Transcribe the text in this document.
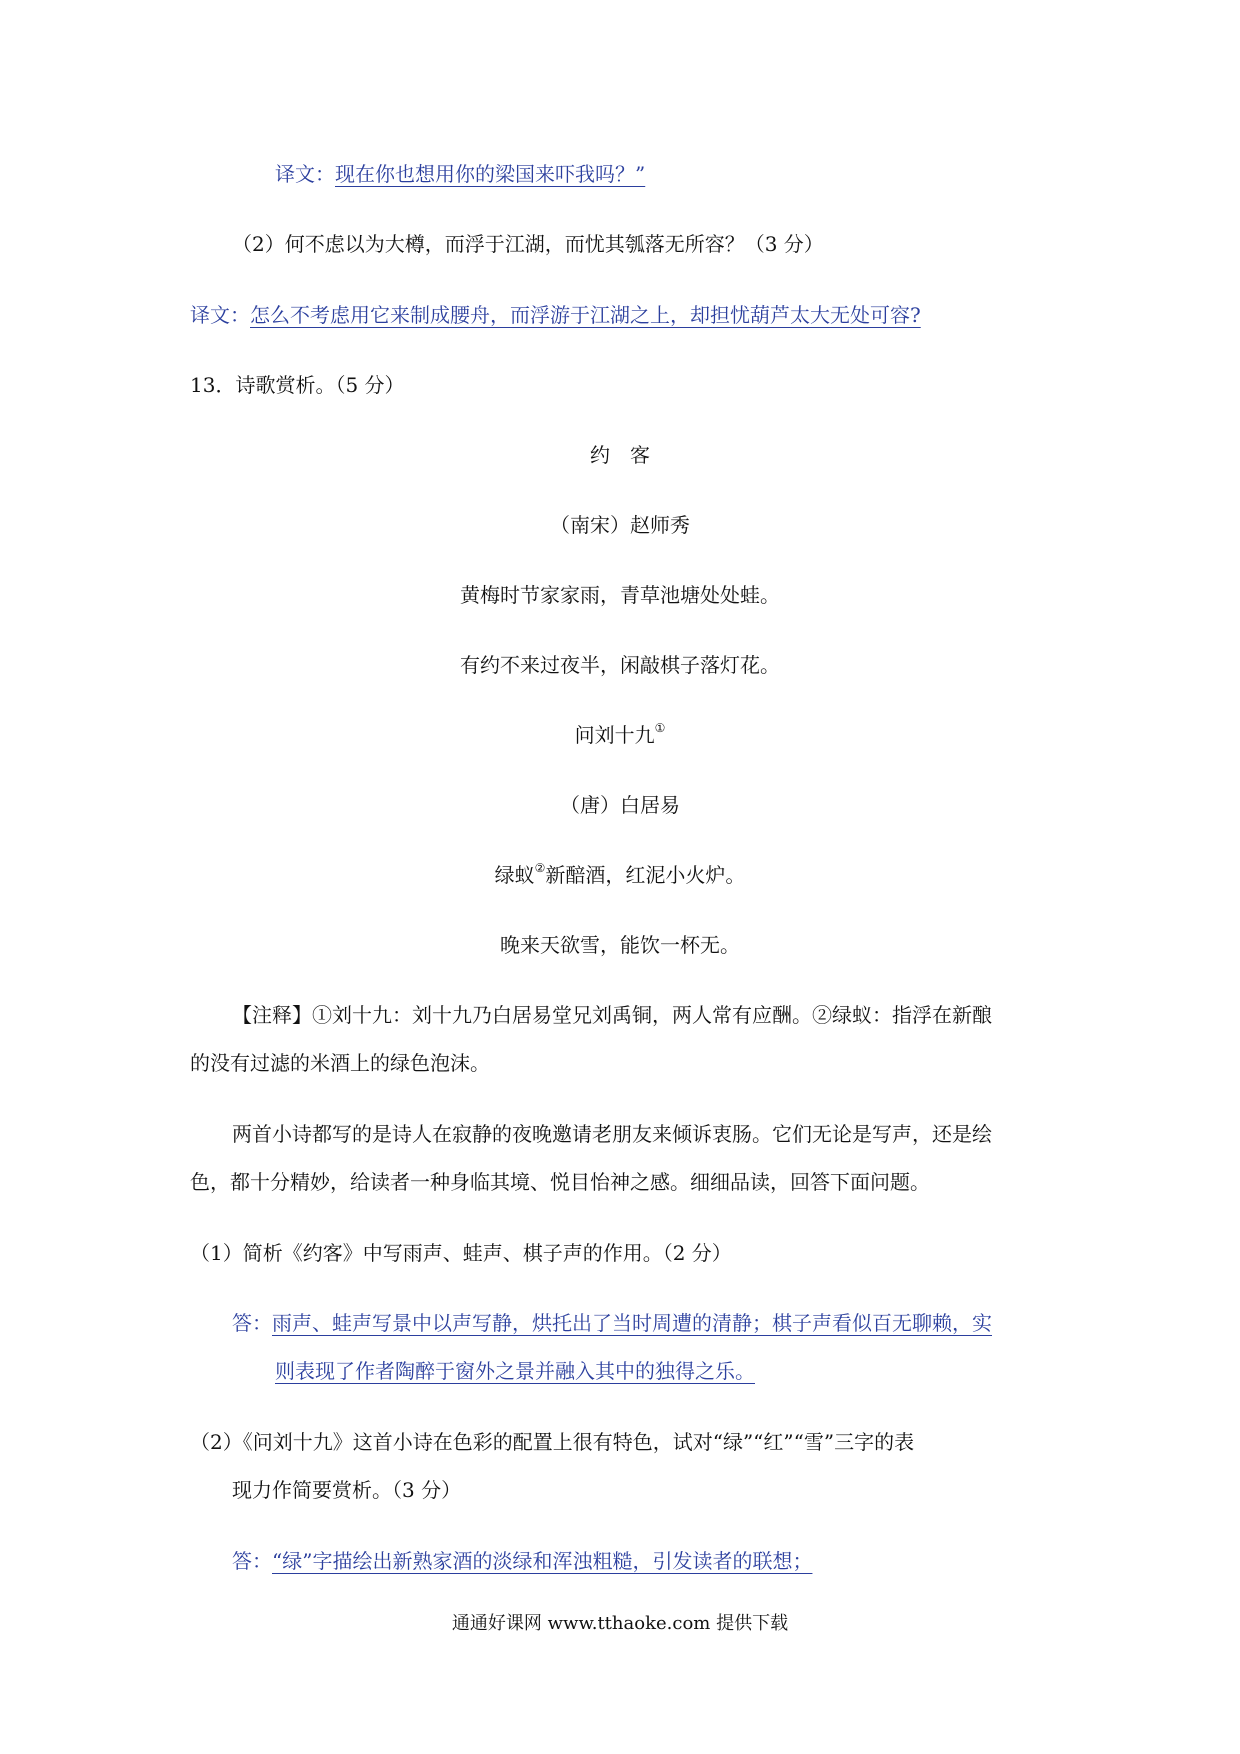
译文：现在你也想用你的梁国来吓我吗？”
（2）何不虑以为大樽，而浮于江湖，而忧其瓠落无所容？（3 分）
译文：怎么不考虑用它来制成腰舟，而浮游于江湖之上，却担忧葫芦太大无处可容?
13．诗歌赏析。（5 分）
约　客
（南宋）赵师秀
黄梅时节家家雨，青草池塘处处蛙。
有约不来过夜半，闲敲棋子落灯花。
问刘十九①
（唐）白居易
绿蚁②新醅酒，红泥小火炉。
晚来天欲雪，能饮一杯无。
【注释】①刘十九：刘十九乃白居易堂兄刘禹铜，两人常有应酬。②绿蚁：指浮在新酿
的没有过滤的米酒上的绿色泡沫。
两首小诗都写的是诗人在寂静的夜晚邀请老朋友来倾诉衷肠。它们无论是写声，还是绘
色，都十分精妙，给读者一种身临其境、悦目怡神之感。细细品读，回答下面问题。
（1）简析《约客》中写雨声、蛙声、棋子声的作用。（2 分）
答：雨声、蛙声写景中以声写静，烘托出了当时周遭的清静；棋子声看似百无聊赖，实
则表现了作者陶醉于窗外之景并融入其中的独得之乐。
（2）《问刘十九》这首小诗在色彩的配置上很有特色，试对“绿”“红”“雪”三字的表
现力作简要赏析。（3 分）
答：“绿”字描绘出新熟家酒的淡绿和浑浊粗糙，引发读者的联想；
通通好课网 www.tthaoke.com 提供下载
